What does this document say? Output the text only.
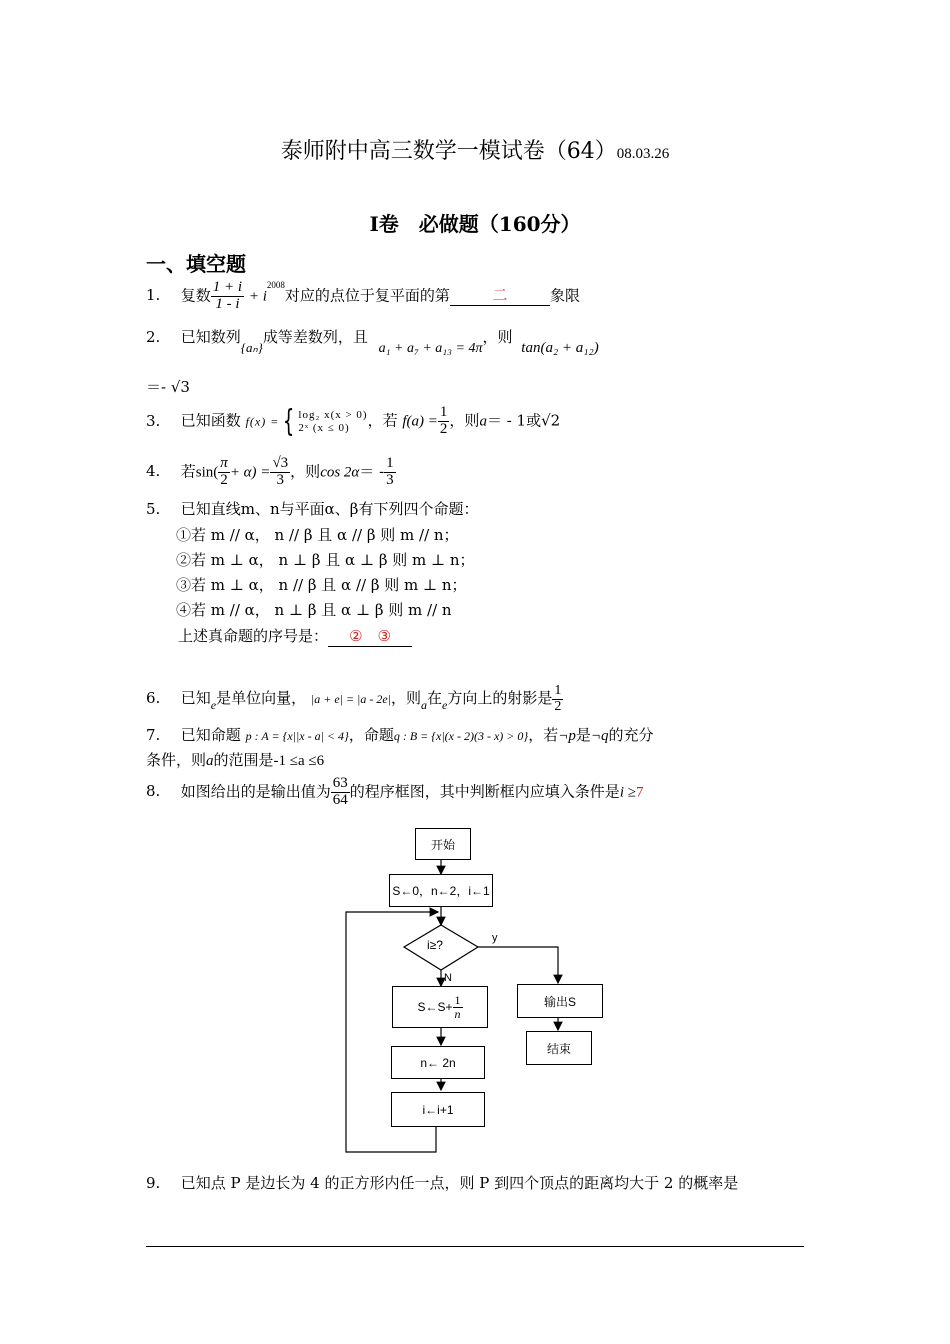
泰师附中高三数学一模试卷（64）08.03.26
I卷　必做题（160分）
一、填空题
1. 复数 $\frac{1 + i}{1 - i} + i^{2008}$对应的点位于复平面的第	二	象限
2. 已知数列{aₙ}成等差数列，且 a₁ + a₇ + a₁₃ = 4π，则 tan(a₂ + a₁₂)
＝- √3
3. 已知函数 f(x) = { log₂ x(x > 0)
2ˣ (x ≤ 0)	，若 $f(a) = \frac{1}{2}$ ，则a＝ - 1或√2
4. 若$\sin( \frac{\pi}{2} + \alpha) = \frac{√3}{3}$ ，则$\cos 2\alpha= - \frac{1}{3}$
5. 已知直线m、n与平面α、β有下列四个命题：
①若 m // α， n // β 且 α // β 则 m // n；
②若 m ⊥ α， n ⊥ β 且 α ⊥ β 则 m ⊥ n；
③若 m ⊥ α， n // β 且 α // β 则 m ⊥ n；
④若 m // α， n ⊥ β 且 α ⊥ β 则 m // n
上述真命题的序号是： ②　③
6. 已知$_e$是单位向量， |a + e| = |a - 2e|，则$_a$在$_e$方向上的射影是 $\frac{1}{2}$
7. 已知命题 p : A = {x||x - a| < 4}，命题q : B = {x|(x - 2)(3 - x) > 0}，若¬p是¬q的充分
条件，则a的范围是-1 ≤a ≤6
8. 如图给出的是输出值为 $\frac{63}{64}$ 的程序框图，其中判断框内应填入条件是i ≥7
开始
S←0，n←2，i←1
i≥?	y
N
S←S+ $\frac{1}{n}$
n← 2n
i←i+1
输出S
结束
9. 已知点 P 是边长为 4 的正方形内任一点，则 P 到四个顶点的距离均大于 2 的概率是
